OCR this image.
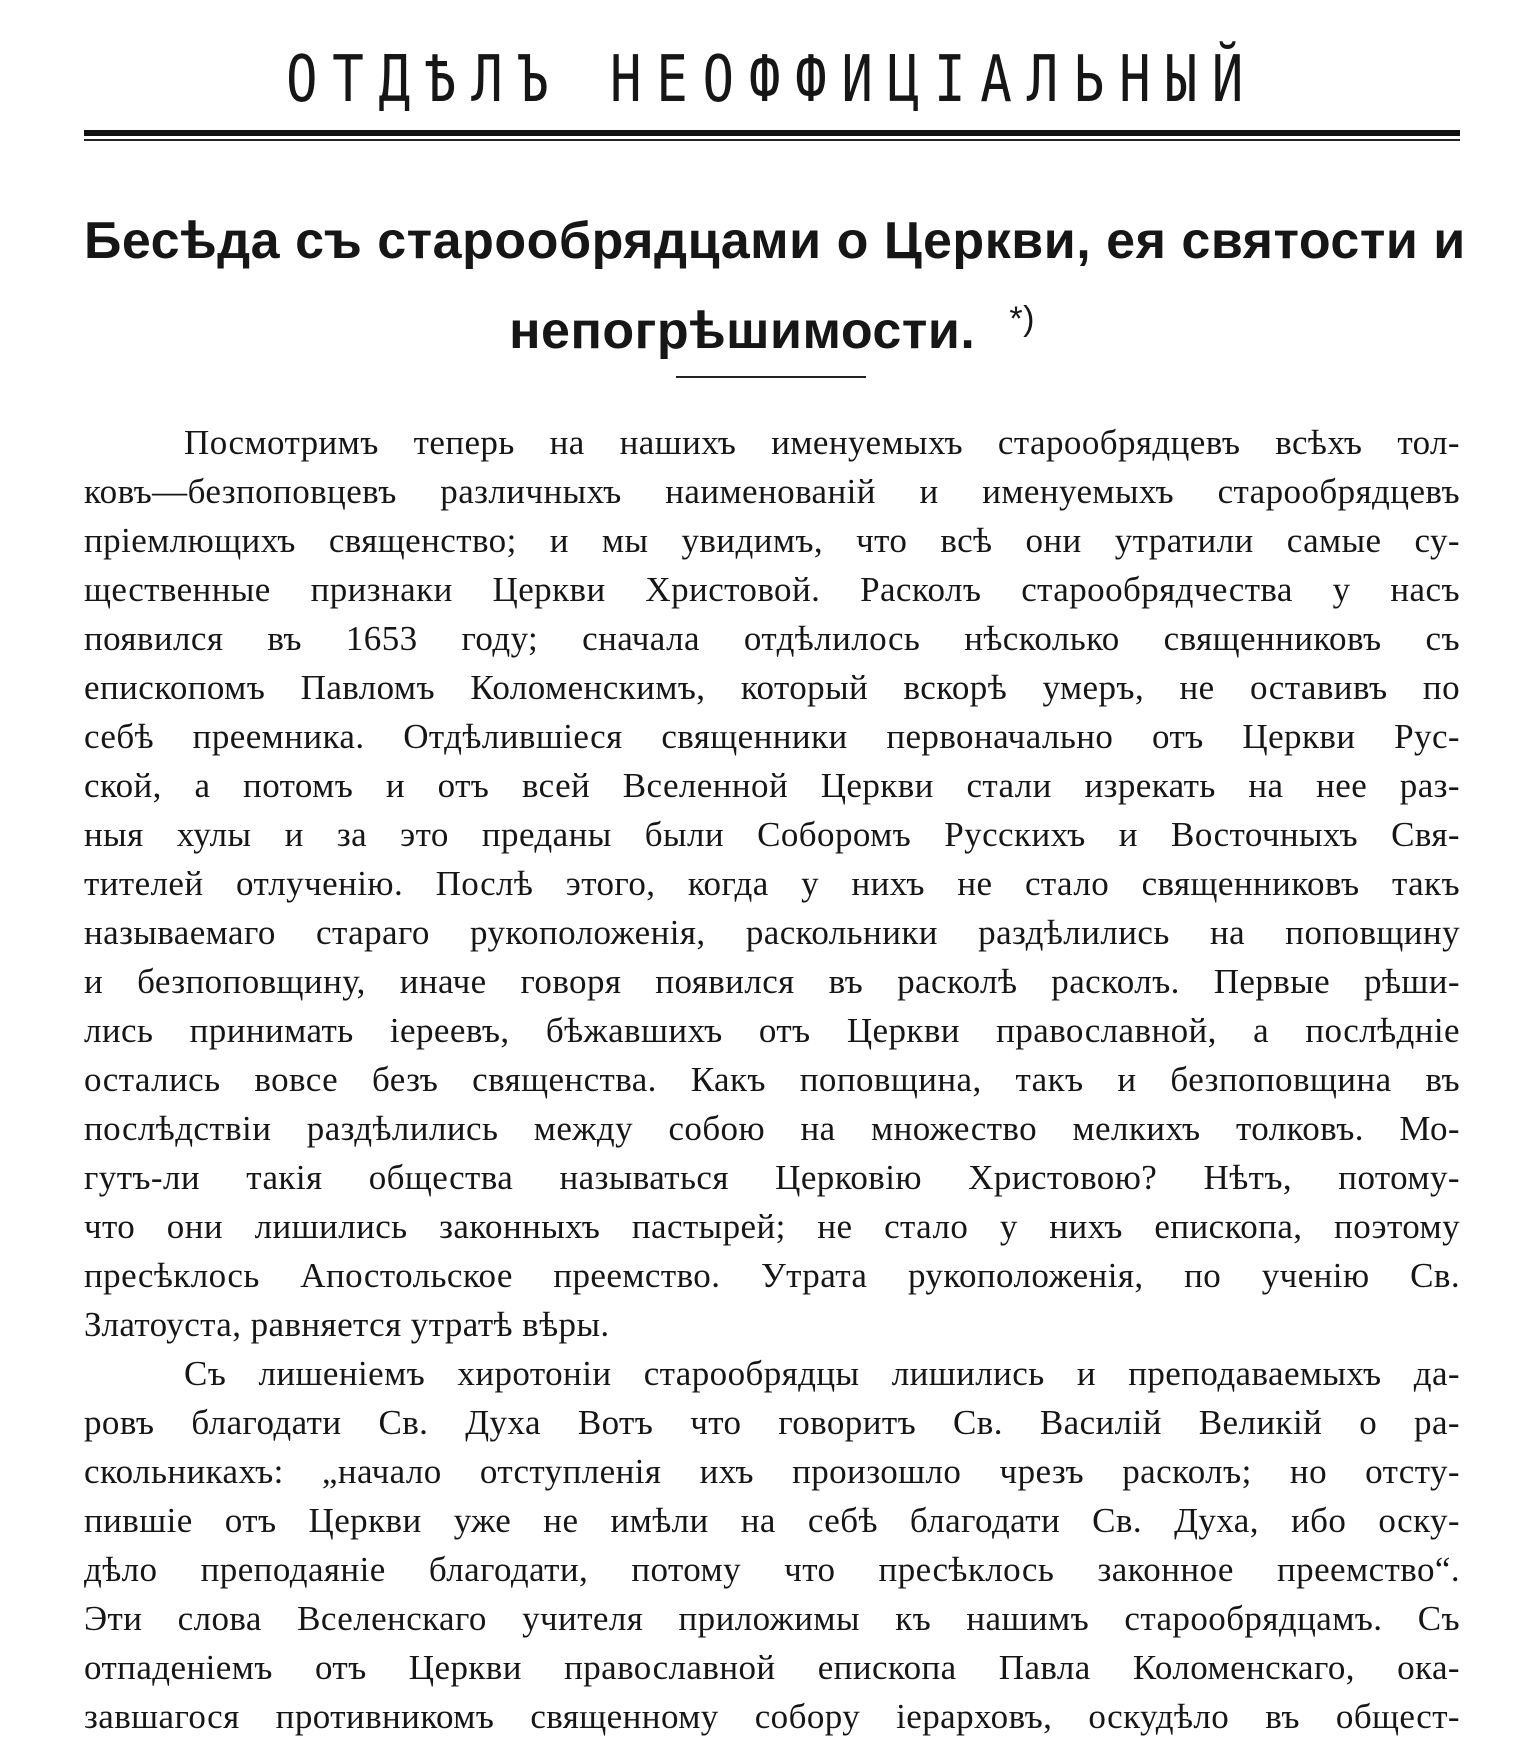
ОТДѢЛЪ НЕОФФИЦІАЛЬНЫЙ
Бесѣда съ старообрядцами о Церкви, ея святости и
непогрѣшимости. *)
Посмотримъ теперь на нашихъ именуемыхъ старообрядцевъ всѣхъ тол-
ковъ—безпоповцевъ различныхъ наименованій и именуемыхъ старообрядцевъ
пріемлющихъ священство; и мы увидимъ, что всѣ они утратили самые су-
щественные признаки Церкви Христовой. Расколъ старообрядчества у насъ
появился въ 1653 году; сначала отдѣлилось нѣсколько священниковъ съ
епископомъ Павломъ Коломенскимъ, который вскорѣ умеръ, не оставивъ по
себѣ преемника. Отдѣлившіеся священники первоначально отъ Церкви Рус-
ской, а потомъ и отъ всей Вселенной Церкви стали изрекать на нее раз-
ныя хулы и за это преданы были Соборомъ Русскихъ и Восточныхъ Свя-
тителей отлученію. Послѣ этого, когда у нихъ не стало священниковъ такъ
называемаго стараго рукоположенія, раскольники раздѣлились на поповщину
и безпоповщину, иначе говоря появился въ расколѣ расколъ. Первые рѣши-
лись принимать іереевъ, бѣжавшихъ отъ Церкви православной, а послѣдніе
остались вовсе безъ священства. Какъ поповщина, такъ и безпоповщина въ
послѣдствіи раздѣлились между собою на множество мелкихъ толковъ. Мо-
гутъ-ли такія общества называться Церковію Христовою? Нѣтъ, потому-
что они лишились законныхъ пастырей; не стало у нихъ епископа, поэтому
пресѣклось Апостольское преемство. Утрата рукоположенія, по ученію Св.
Златоуста, равняется утратѣ вѣры.
Съ лишеніемъ хиротоніи старообрядцы лишились и преподаваемыхъ да-
ровъ благодати Св. Духа Вотъ что говоритъ Св. Василій Великій о ра-
скольникахъ: „начало отступленія ихъ произошло чрезъ расколъ; но отсту-
пившіе отъ Церкви уже не имѣли на себѣ благодати Св. Духа, ибо оску-
дѣло преподаяніе благодати, потому что пресѣклось законное преемство“.
Эти слова Вселенскаго учителя приложимы къ нашимъ старообрядцамъ. Съ
отпаденіемъ отъ Церкви православной епископа Павла Коломенскаго, ока-
завшагося противникомъ священному собору іерарховъ, оскудѣло въ общест-
